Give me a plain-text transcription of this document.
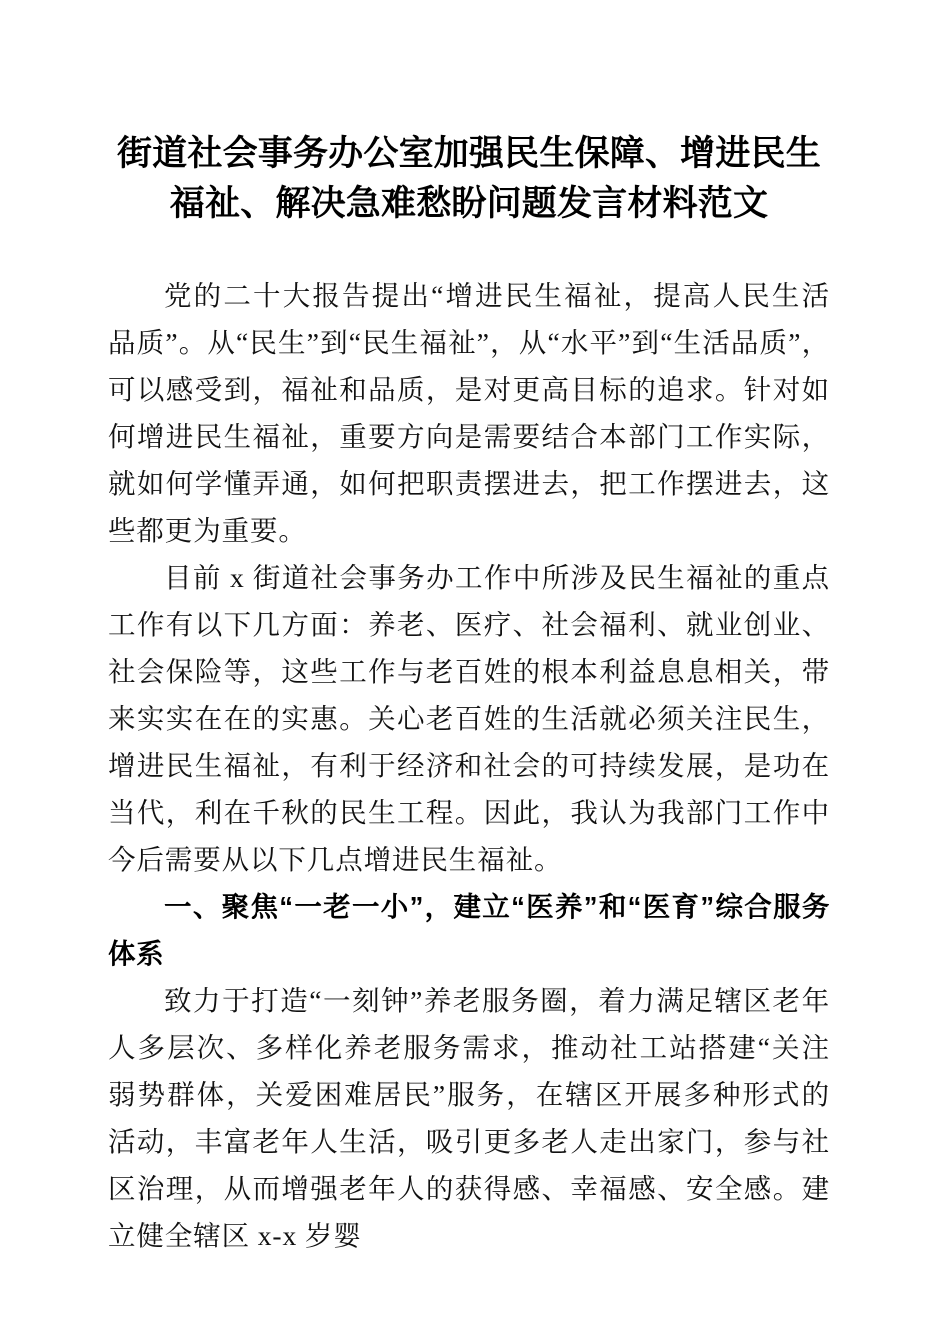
街道社会事务办公室加强民生保障、增进民生福祉、解决急难愁盼问题发言材料范文

党的二十大报告提出“增进民生福祉，提高人民生活品质”。从“民生”到“民生福祉”，从“水平”到“生活品质”，可以感受到，福祉和品质，是对更高目标的追求。针对如何增进民生福祉，重要方向是需要结合本部门工作实际，就如何学懂弄通，如何把职责摆进去，把工作摆进去，这些都更为重要。

目前 x 街道社会事务办工作中所涉及民生福祉的重点工作有以下几方面：养老、医疗、社会福利、就业创业、社会保险等，这些工作与老百姓的根本利益息息相关，带来实实在在的实惠。关心老百姓的生活就必须关注民生，增进民生福祉，有利于经济和社会的可持续发展，是功在当代，利在千秋的民生工程。因此，我认为我部门工作中今后需要从以下几点增进民生福祉。

一、聚焦“一老一小”，建立“医养”和“医育”综合服务体系

致力于打造“一刻钟”养老服务圈，着力满足辖区老年人多层次、多样化养老服务需求，推动社工站搭建“关注弱势群体，关爱困难居民”服务，在辖区开展多种形式的活动，丰富老年人生活，吸引更多老人走出家门，参与社区治理，从而增强老年人的获得感、幸福感、安全感。建立健全辖区 x-x 岁婴
